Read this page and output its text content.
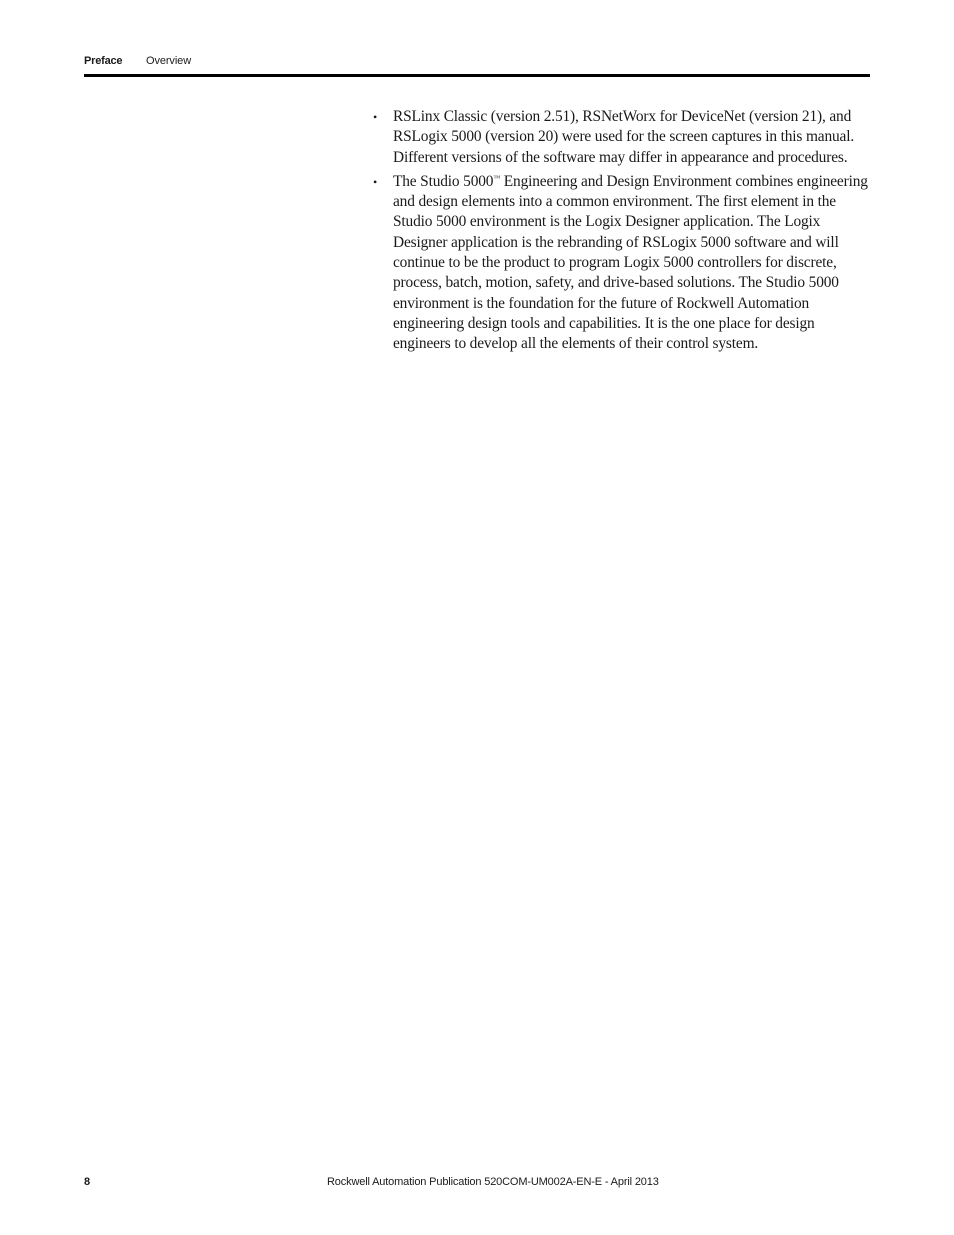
Preface Overview
• RSLinx Classic (version 2.51), RSNetWorx for DeviceNet (version 21), and RSLogix 5000 (version 20) were used for the screen captures in this manual. Different versions of the software may differ in appearance and procedures.
• The Studio 5000™ Engineering and Design Environment combines engineering and design elements into a common environment. The first element in the Studio 5000 environment is the Logix Designer application. The Logix Designer application is the rebranding of RSLogix 5000 software and will continue to be the product to program Logix 5000 controllers for discrete, process, batch, motion, safety, and drive-based solutions. The Studio 5000 environment is the foundation for the future of Rockwell Automation engineering design tools and capabilities. It is the one place for design engineers to develop all the elements of their control system.
8	Rockwell Automation Publication 520COM-UM002A-EN-E - April 2013
